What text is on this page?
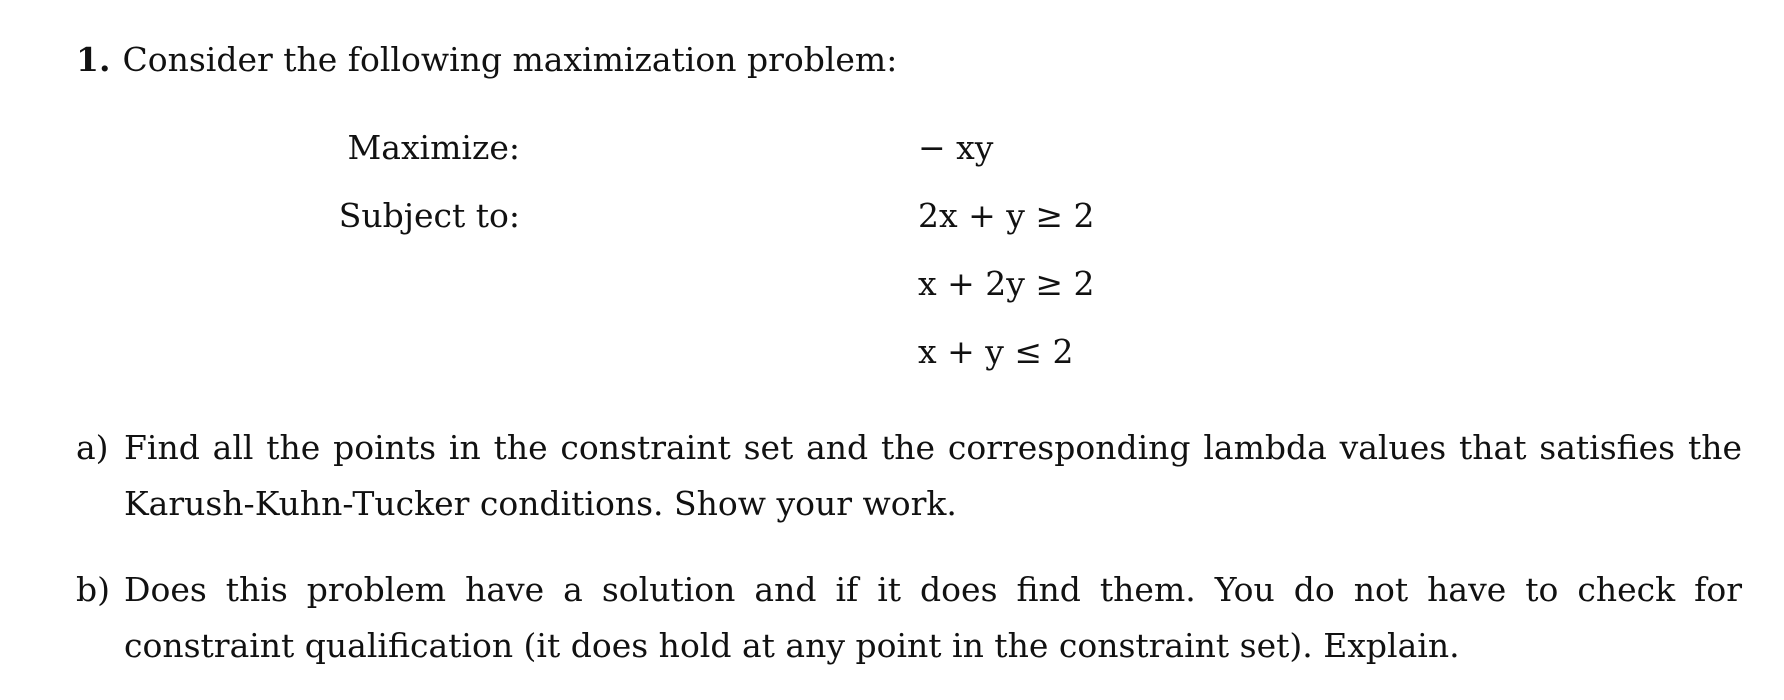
1. Consider the following maximization problem:
Maximize:	− xy
Subject to:	2x + y ≥ 2
x + 2y ≥ 2
x + y ≤ 2
a) Find all the points in the constraint set and the corresponding lambda values that satisfies the Karush-Kuhn-Tucker conditions. Show your work.
b) Does this problem have a solution and if it does find them. You do not have to check for constraint qualification (it does hold at any point in the constraint set). Explain.
